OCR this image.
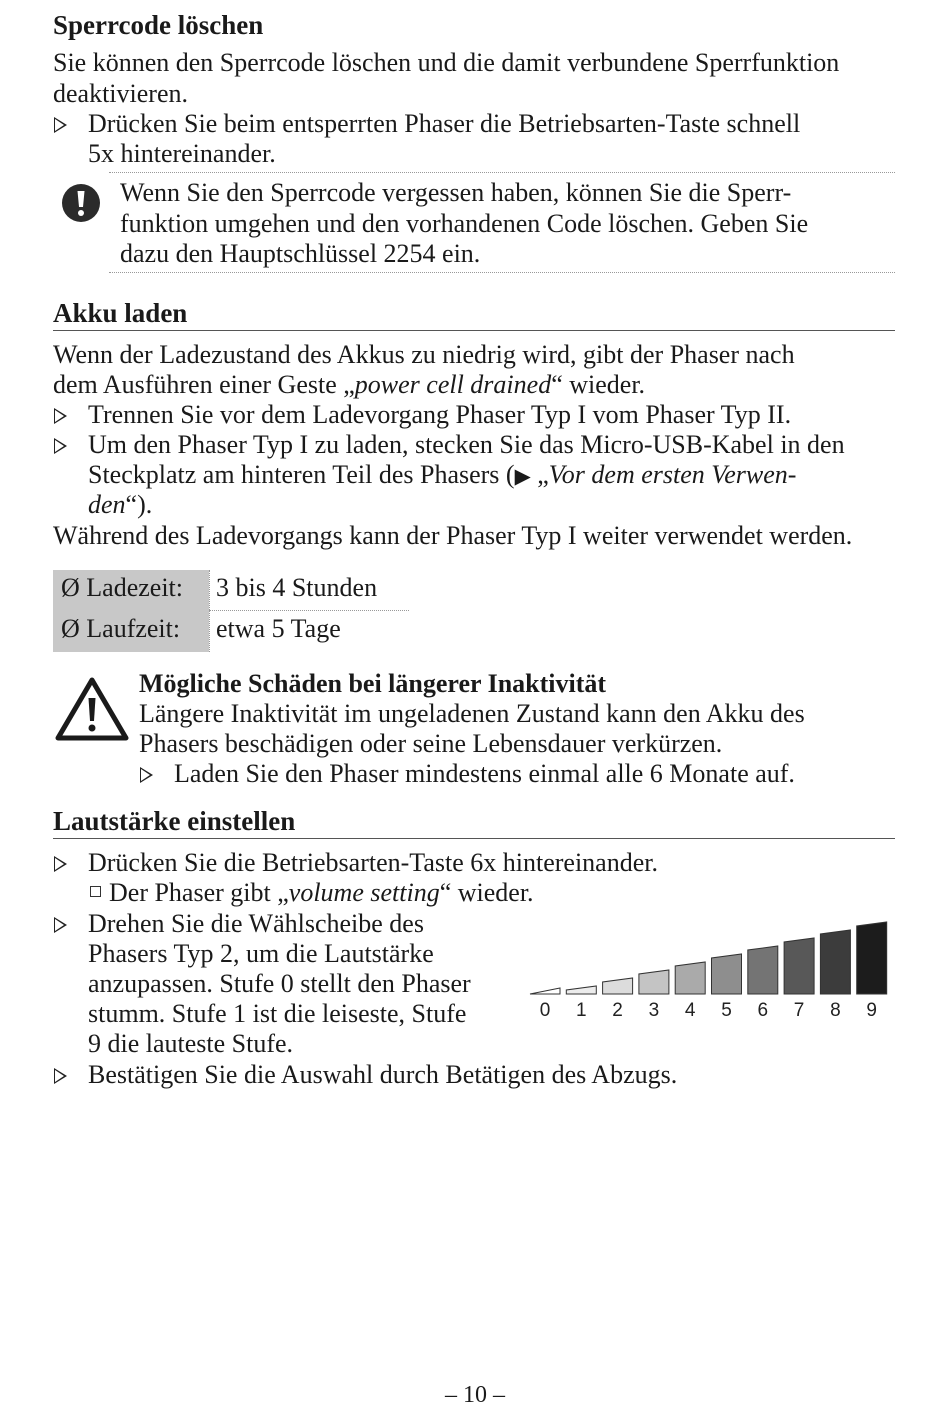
Sperrcode löschen
Sie können den Sperrcode löschen und die damit verbundene Sperrfunktion
deaktivieren.
Drücken Sie beim entsperrten Phaser die Betriebsarten-Taste schnell
5x hintereinander.
Wenn Sie den Sperrcode vergessen haben, können Sie die Sperr-
funktion umgehen und den vorhandenen Code löschen. Geben Sie
dazu den Hauptschlüssel 2254 ein.
Akku laden
Wenn der Ladezustand des Akkus zu niedrig wird, gibt der Phaser nach
dem Ausführen einer Geste „power cell drained“ wieder.
Trennen Sie vor dem Ladevorgang Phaser Typ I vom Phaser Typ II.
Um den Phaser Typ I zu laden, stecken Sie das Micro-USB-Kabel in den
Steckplatz am hinteren Teil des Phasers (▶ „Vor dem ersten Verwen-
den“).
Während des Ladevorgangs kann der Phaser Typ I weiter verwendet werden.
Ø Ladezeit: 3 bis 4 Stunden
Ø Laufzeit: etwa 5 Tage
Mögliche Schäden bei längerer Inaktivität
Längere Inaktivität im ungeladenen Zustand kann den Akku des
Phasers beschädigen oder seine Lebensdauer verkürzen.
Laden Sie den Phaser mindestens einmal alle 6 Monate auf.
Lautstärke einstellen
Drücken Sie die Betriebsarten-Taste 6x hintereinander.
Der Phaser gibt „volume setting“ wieder.
Drehen Sie die Wählscheibe des
Phasers Typ 2, um die Lautstärke
anzupassen. Stufe 0 stellt den Phaser
stumm. Stufe 1 ist die leiseste, Stufe
9 die lauteste Stufe.
Bestätigen Sie die Auswahl durch Betätigen des Abzugs.
0 1 2 3 4 5 6 7 8 9
– 10 –
